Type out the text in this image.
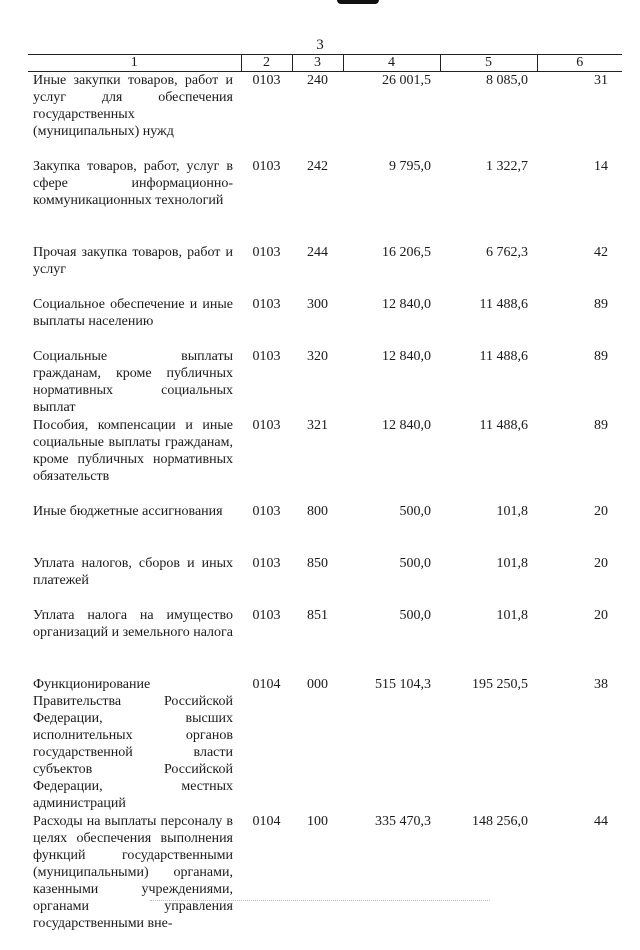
3
1	2	3	4	5	6

Иные закупки товаров, работ и услуг для обеспечения государственных (муниципальных) нужд	0103	240	26 001,5	8 085,0	31

Закупка товаров, работ, услуг в сфере информационно-коммуникационных технологий	0103	242	9 795,0	1 322,7	14

Прочая закупка товаров, работ и услуг	0103	244	16 206,5	6 762,3	42

Социальное обеспечение и иные выплаты населению	0103	300	12 840,0	11 488,6	89

Социальные выплаты гражданам, кроме публичных нормативных социальных выплат	0103	320	12 840,0	11 488,6	89

Пособия, компенсации и иные социальные выплаты гражданам, кроме публичных нормативных обязательств	0103	321	12 840,0	11 488,6	89

Иные бюджетные ассигнования	0103	800	500,0	101,8	20

Уплата налогов, сборов и иных платежей	0103	850	500,0	101,8	20

Уплата налога на имущество организаций и земельного налога	0103	851	500,0	101,8	20

Функционирование Правительства Российской Федерации, высших исполнительных органов государственной власти субъектов Российской Федерации, местных администраций	0104	000	515 104,3	195 250,5	38

Расходы на выплаты персоналу в целях обеспечения выполнения функций государственными (муниципальными) органами, казенными учреждениями, органами управления государственными вне-	0104	100	335 470,3	148 256,0	44
